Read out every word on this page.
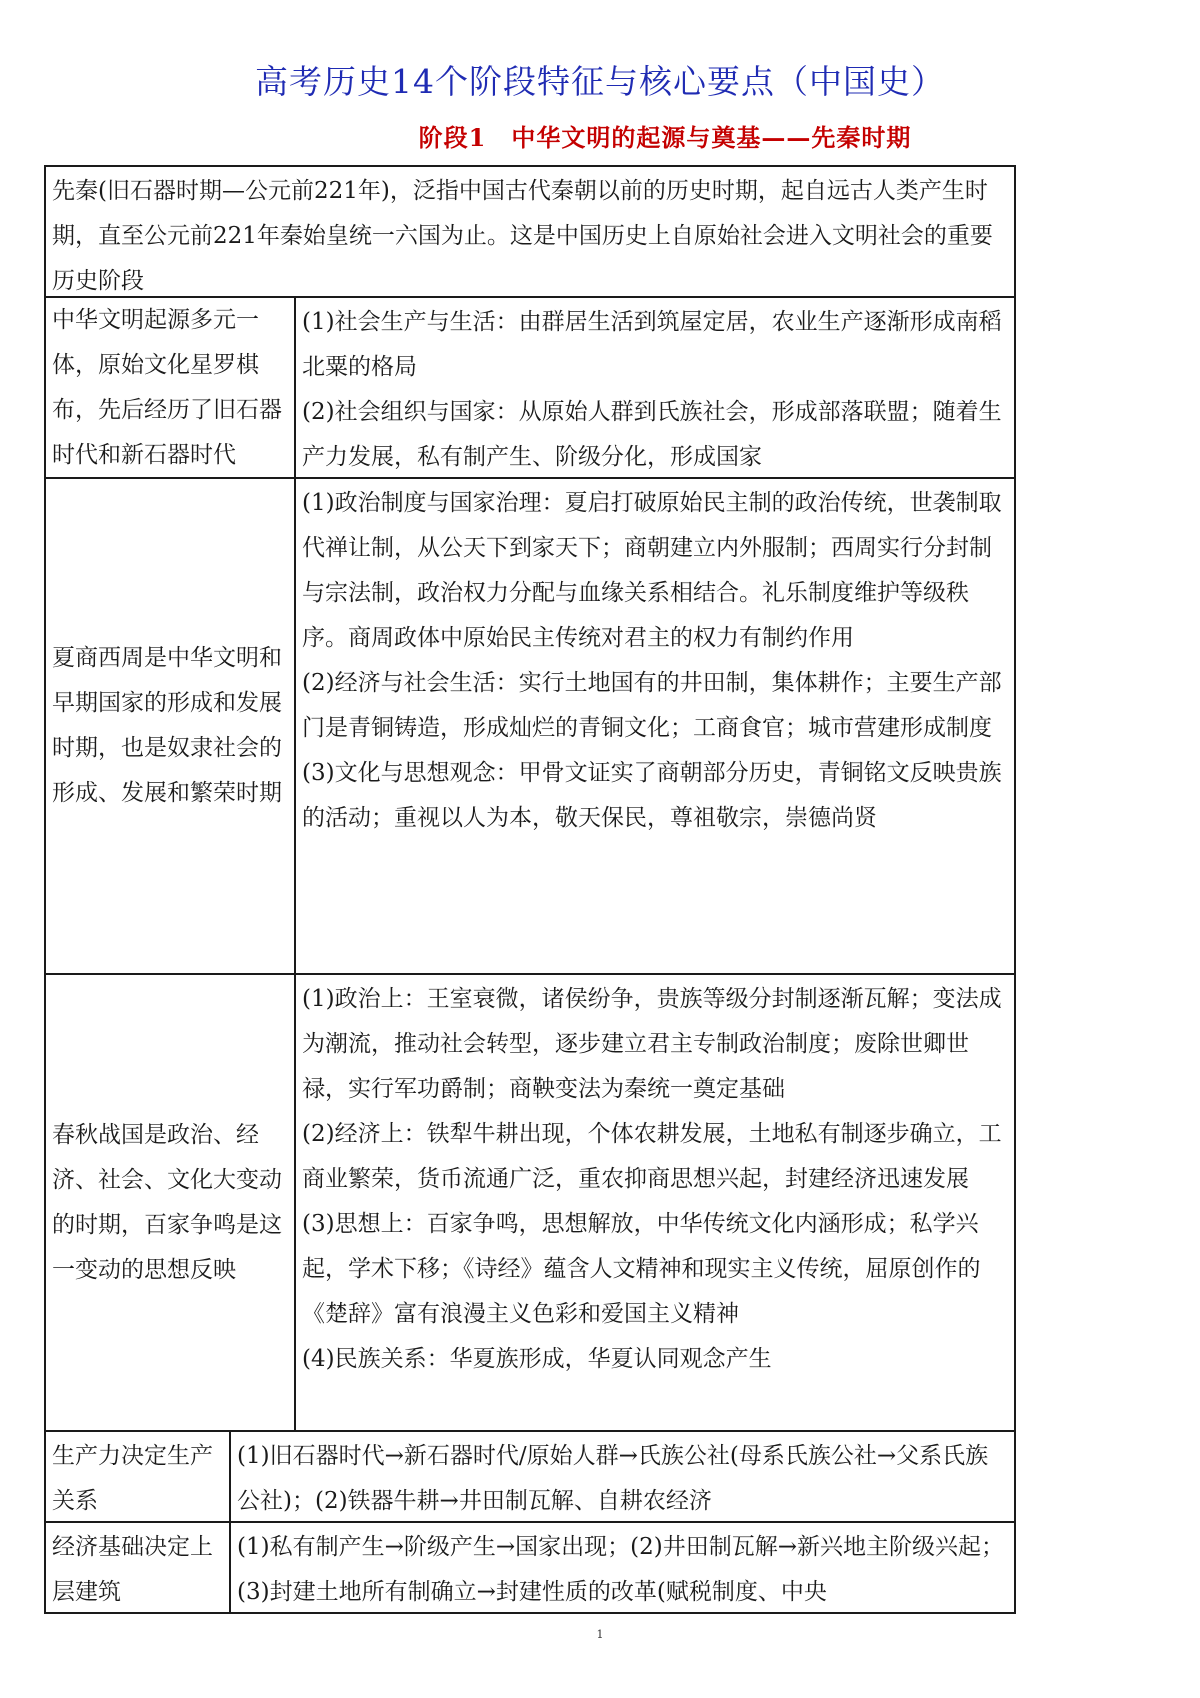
高考历史14个阶段特征与核心要点（中国史）
阶段1　中华文明的起源与奠基——先秦时期
先秦(旧石器时期—公元前221年)，泛指中国古代秦朝以前的历史时期，起自远古人类产生时期，直至公元前221年秦始皇统一六国为止。这是中国历史上自原始社会进入文明社会的重要历史阶段
中华文明起源多元一体，原始文化星罗棋布，先后经历了旧石器时代和新石器时代
(1)社会生产与生活：由群居生活到筑屋定居，农业生产逐渐形成南稻北粟的格局
(2)社会组织与国家：从原始人群到氏族社会，形成部落联盟；随着生产力发展，私有制产生、阶级分化，形成国家
夏商西周是中华文明和早期国家的形成和发展时期，也是奴隶社会的形成、发展和繁荣时期
(1)政治制度与国家治理：夏启打破原始民主制的政治传统，世袭制取代禅让制，从公天下到家天下；商朝建立内外服制；西周实行分封制与宗法制，政治权力分配与血缘关系相结合。礼乐制度维护等级秩序。商周政体中原始民主传统对君主的权力有制约作用
(2)经济与社会生活：实行土地国有的井田制，集体耕作；主要生产部门是青铜铸造，形成灿烂的青铜文化；工商食官；城市营建形成制度
(3)文化与思想观念：甲骨文证实了商朝部分历史，青铜铭文反映贵族的活动；重视以人为本，敬天保民，尊祖敬宗，崇德尚贤
春秋战国是政治、经济、社会、文化大变动的时期，百家争鸣是这一变动的思想反映
(1)政治上：王室衰微，诸侯纷争，贵族等级分封制逐渐瓦解；变法成为潮流，推动社会转型，逐步建立君主专制政治制度；废除世卿世禄，实行军功爵制；商鞅变法为秦统一奠定基础
(2)经济上：铁犁牛耕出现，个体农耕发展，土地私有制逐步确立，工商业繁荣，货币流通广泛，重农抑商思想兴起，封建经济迅速发展
(3)思想上：百家争鸣，思想解放，中华传统文化内涵形成；私学兴起，学术下移；《诗经》蕴含人文精神和现实主义传统，屈原创作的《楚辞》富有浪漫主义色彩和爱国主义精神
(4)民族关系：华夏族形成，华夏认同观念产生
生产力决定生产关系
(1)旧石器时代→新石器时代/原始人群→氏族公社(母系氏族公社→父系氏族公社)；(2)铁器牛耕→井田制瓦解、自耕农经济
经济基础决定上层建筑
(1)私有制产生→阶级产生→国家出现；(2)井田制瓦解→新兴地主阶级兴起；(3)封建土地所有制确立→封建性质的改革(赋税制度、中央
1
